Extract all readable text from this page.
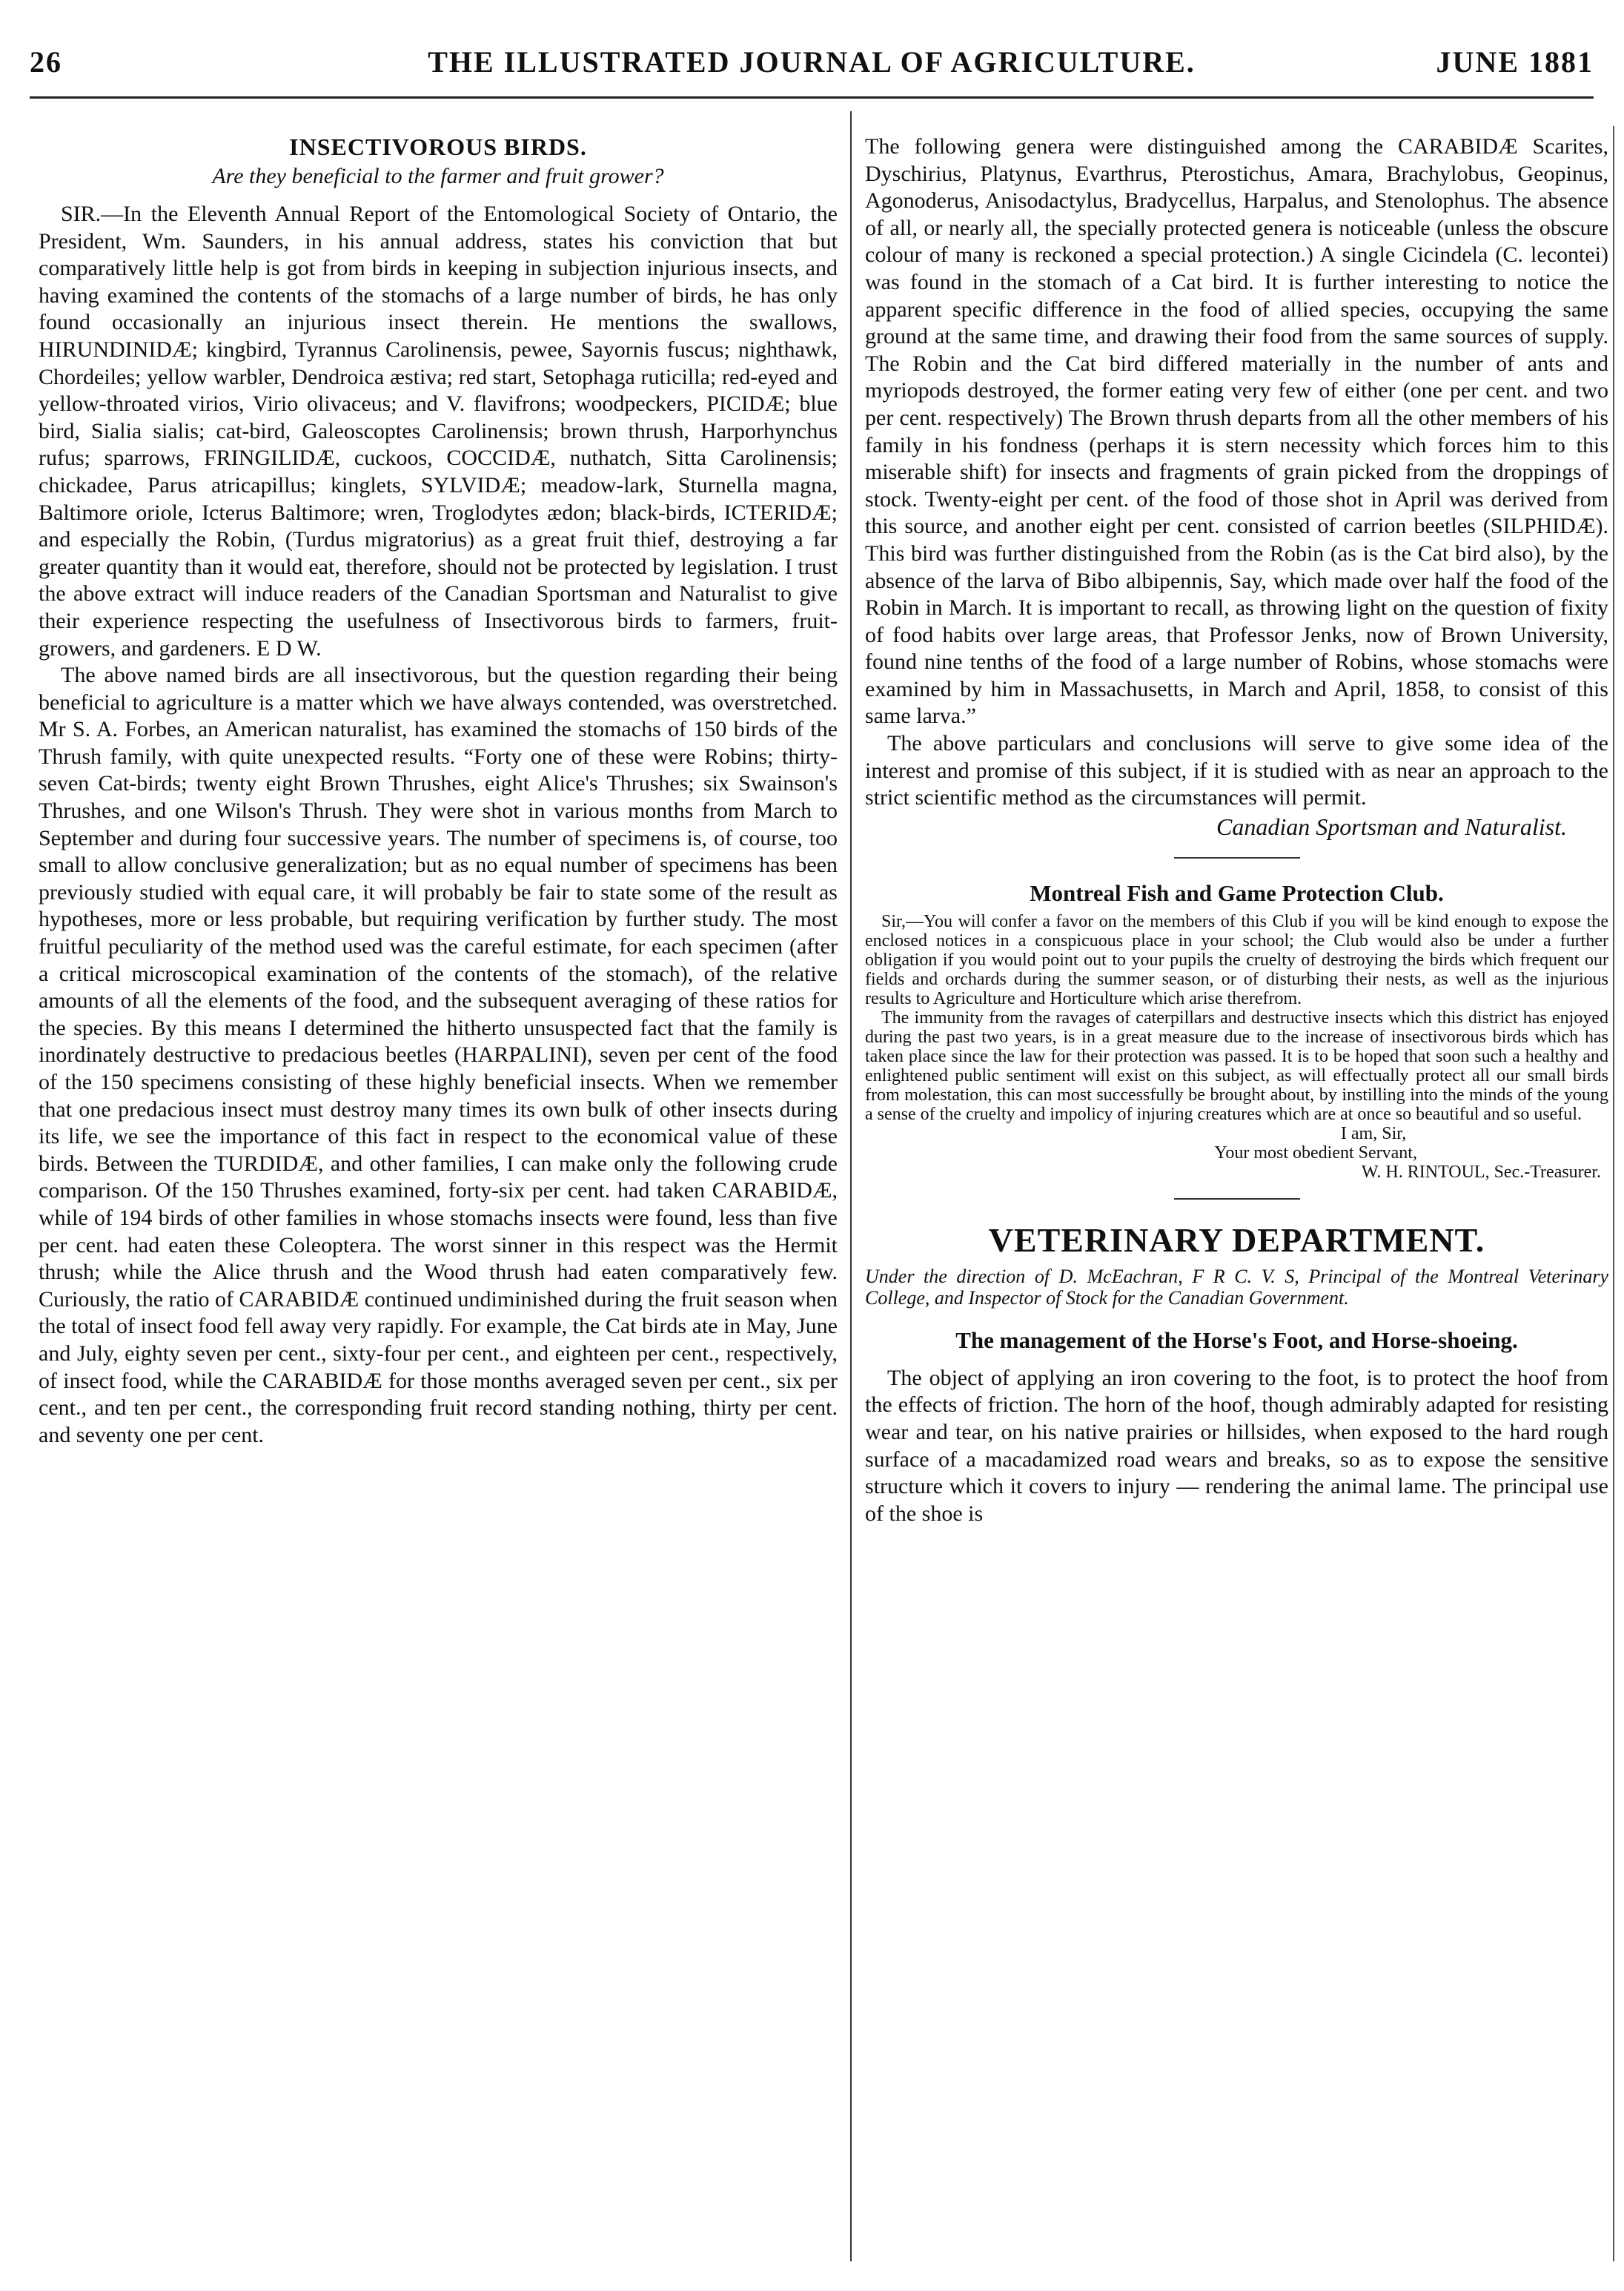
26	THE ILLUSTRATED JOURNAL OF AGRICULTURE.	JUNE 1881
INSECTIVOROUS BIRDS.
Are they beneficial to the farmer and fruit grower?

SIR.—In the Eleventh Annual Report of the Entomological Society of Ontario, the President, Wm. Saunders, in his annual address, states his conviction that but comparatively little help is got from birds in keeping in subjection injurious insects, and having examined the contents of the stomachs of a large number of birds, he has only found occasionally an injurious insect therein. He mentions the swallows, HIRUNDINIDÆ; kingbird, Tyrannus Carolinensis, pewee, Sayornis fuscus; nighthawk, Chordeiles; yellow warbler, Dendroica æstiva; red start, Setophaga ruticilla; red-eyed and yellow-throated virios, Virio olivaceus; and V. flavifrons; woodpeckers, PICIDÆ; blue bird, Sialia sialis; cat-bird, Galeoscoptes Carolinensis; brown thrush, Harporhynchus rufus; sparrows, FRINGILIDÆ, cuckoos, COCCIDÆ, nuthatch, Sitta Carolinensis; chickadee, Parus atricapillus; kinglets, SYLVIDÆ; meadow-lark, Sturnella magna, Baltimore oriole, Icterus Baltimore; wren, Troglodytes ædon; black-birds, ICTERIDÆ; and especially the Robin, (Turdus migratorius) as a great fruit thief, destroying a far greater quantity than it would eat, therefore, should not be protected by legislation. I trust the above extract will induce readers of the Canadian Sportsman and Naturalist to give their experience respecting the usefulness of Insectivorous birds to farmers, fruit-growers, and gardeners. E D W.

The above named birds are all insectivorous, but the question regarding their being beneficial to agriculture is a matter which we have always contended, was overstretched. Mr S. A. Forbes, an American naturalist, has examined the stomachs of 150 birds of the Thrush family, with quite unexpected results. “Forty one of these were Robins; thirty-seven Cat-birds; twenty eight Brown Thrushes, eight Alice's Thrushes; six Swainson's Thrushes, and one Wilson's Thrush. They were shot in various months from March to September and during four successive years. The number of specimens is, of course, too small to allow conclusive generalization; but as no equal number of specimens has been previously studied with equal care, it will probably be fair to state some of the result as hypotheses, more or less probable, but requiring verification by further study. The most fruitful peculiarity of the method used was the careful estimate, for each specimen (after a critical microscopical examination of the contents of the stomach), of the relative amounts of all the elements of the food, and the subsequent averaging of these ratios for the species. By this means I determined the hitherto unsuspected fact that the family is inordinately destructive to predacious beetles (HARPALINI), seven per cent of the food of the 150 specimens consisting of these highly beneficial insects. When we remember that one predacious insect must destroy many times its own bulk of other insects during its life, we see the importance of this fact in respect to the economical value of these birds. Between the TURDIDÆ, and other families, I can make only the following crude comparison. Of the 150 Thrushes examined, forty-six per cent. had taken CARABIDÆ, while of 194 birds of other families in whose stomachs insects were found, less than five per cent. had eaten these Coleoptera. The worst sinner in this respect was the Hermit thrush; while the Alice thrush and the Wood thrush had eaten comparatively few. Curiously, the ratio of CARABIDÆ continued undiminished during the fruit season when the total of insect food fell away very rapidly. For example, the Cat birds ate in May, June and July, eighty seven per cent., sixty-four per cent., and eighteen per cent., respectively, of insect food, while the CARABIDÆ for those months averaged seven per cent., six per cent., and ten per cent., the corresponding fruit record standing nothing, thirty per cent. and seventy one per cent.

The following genera were distinguished among the CARABIDÆ Scarites, Dyschirius, Platynus, Evarthrus, Pterostichus, Amara, Brachylobus, Geopinus, Agonoderus, Anisodactylus, Bradycellus, Harpalus, and Stenolophus. The absence of all, or nearly all, the specially protected genera is noticeable (unless the obscure colour of many is reckoned a special protection.) A single Cicindela (C. lecontei) was found in the stomach of a Cat bird. It is further interesting to notice the apparent specific difference in the food of allied species, occupying the same ground at the same time, and drawing their food from the same sources of supply. The Robin and the Cat bird differed materially in the number of ants and myriopods destroyed, the former eating very few of either (one per cent. and two per cent. respectively) The Brown thrush departs from all the other members of his family in his fondness (perhaps it is stern necessity which forces him to this miserable shift) for insects and fragments of grain picked from the droppings of stock. Twenty-eight per cent. of the food of those shot in April was derived from this source, and another eight per cent. consisted of carrion beetles (SILPHIDÆ). This bird was further distinguished from the Robin (as is the Cat bird also), by the absence of the larva of Bibo albipennis, Say, which made over half the food of the Robin in March. It is important to recall, as throwing light on the question of fixity of food habits over large areas, that Professor Jenks, now of Brown University, found nine tenths of the food of a large number of Robins, whose stomachs were examined by him in Massachusetts, in March and April, 1858, to consist of this same larva.”

The above particulars and conclusions will serve to give some idea of the interest and promise of this subject, if it is studied with as near an approach to the strict scientific method as the circumstances will permit.

Canadian Sportsman and Naturalist.
Montreal Fish and Game Protection Club.

Sir,—You will confer a favor on the members of this Club if you will be kind enough to expose the enclosed notices in a conspicuous place in your school; the Club would also be under a further obligation if you would point out to your pupils the cruelty of destroying the birds which frequent our fields and orchards during the summer season, or of disturbing their nests, as well as the injurious results to Agriculture and Horticulture which arise therefrom.

The immunity from the ravages of caterpillars and destructive insects which this district has enjoyed during the past two years, is in a great measure due to the increase of insectivorous birds which has taken place since the law for their protection was passed. It is to be hoped that soon such a healthy and enlightened public sentiment will exist on this subject, as will effectually protect all our small birds from molestation, this can most successfully be brought about, by instilling into the minds of the young a sense of the cruelty and impolicy of injuring creatures which are at once so beautiful and so useful.

I am, Sir,

Your most obedient Servant,

W. H. RINTOUL, Sec.-Treasurer.

VETERINARY DEPARTMENT.
Under the direction of D. McEachran, F R C. V. S, Principal of the Montreal Veterinary College, and Inspector of Stock for the Canadian Government.
The management of the Horse's Foot, and Horse-shoeing.

The object of applying an iron covering to the foot, is to protect the hoof from the effects of friction. The horn of the hoof, though admirably adapted for resisting wear and tear, on his native prairies or hillsides, when exposed to the hard rough surface of a macadamized road wears and breaks, so as to expose the sensitive structure which it covers to injury — rendering the animal lame. The principal use of the shoe is
